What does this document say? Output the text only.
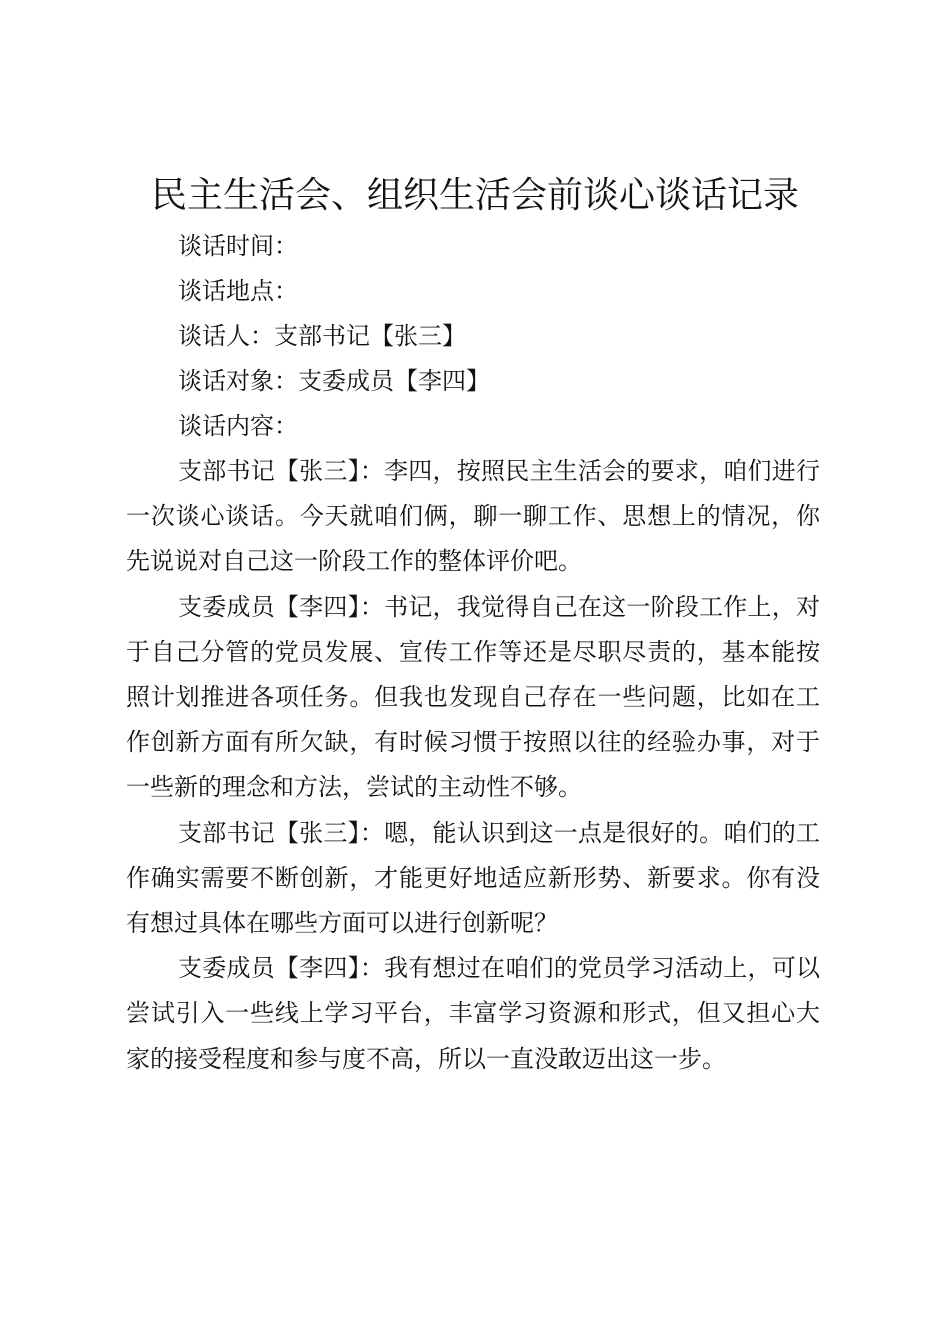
民主生活会、组织生活会前谈心谈话记录

谈话时间：

谈话地点：

谈话人：支部书记【张三】

谈话对象：支委成员【李四】

谈话内容：

支部书记【张三】：李四，按照民主生活会的要求，咱们进行一次谈心谈话。今天就咱们俩，聊一聊工作、思想上的情况，你先说说对自己这一阶段工作的整体评价吧。

支委成员【李四】：书记，我觉得自己在这一阶段工作上，对于自己分管的党员发展、宣传工作等还是尽职尽责的，基本能按照计划推进各项任务。但我也发现自己存在一些问题，比如在工作创新方面有所欠缺，有时候习惯于按照以往的经验办事，对于一些新的理念和方法，尝试的主动性不够。

支部书记【张三】：嗯，能认识到这一点是很好的。咱们的工作确实需要不断创新，才能更好地适应新形势、新要求。你有没有想过具体在哪些方面可以进行创新呢？

支委成员【李四】：我有想过在咱们的党员学习活动上，可以尝试引入一些线上学习平台，丰富学习资源和形式，但又担心大家的接受程度和参与度不高，所以一直没敢迈出这一步。
